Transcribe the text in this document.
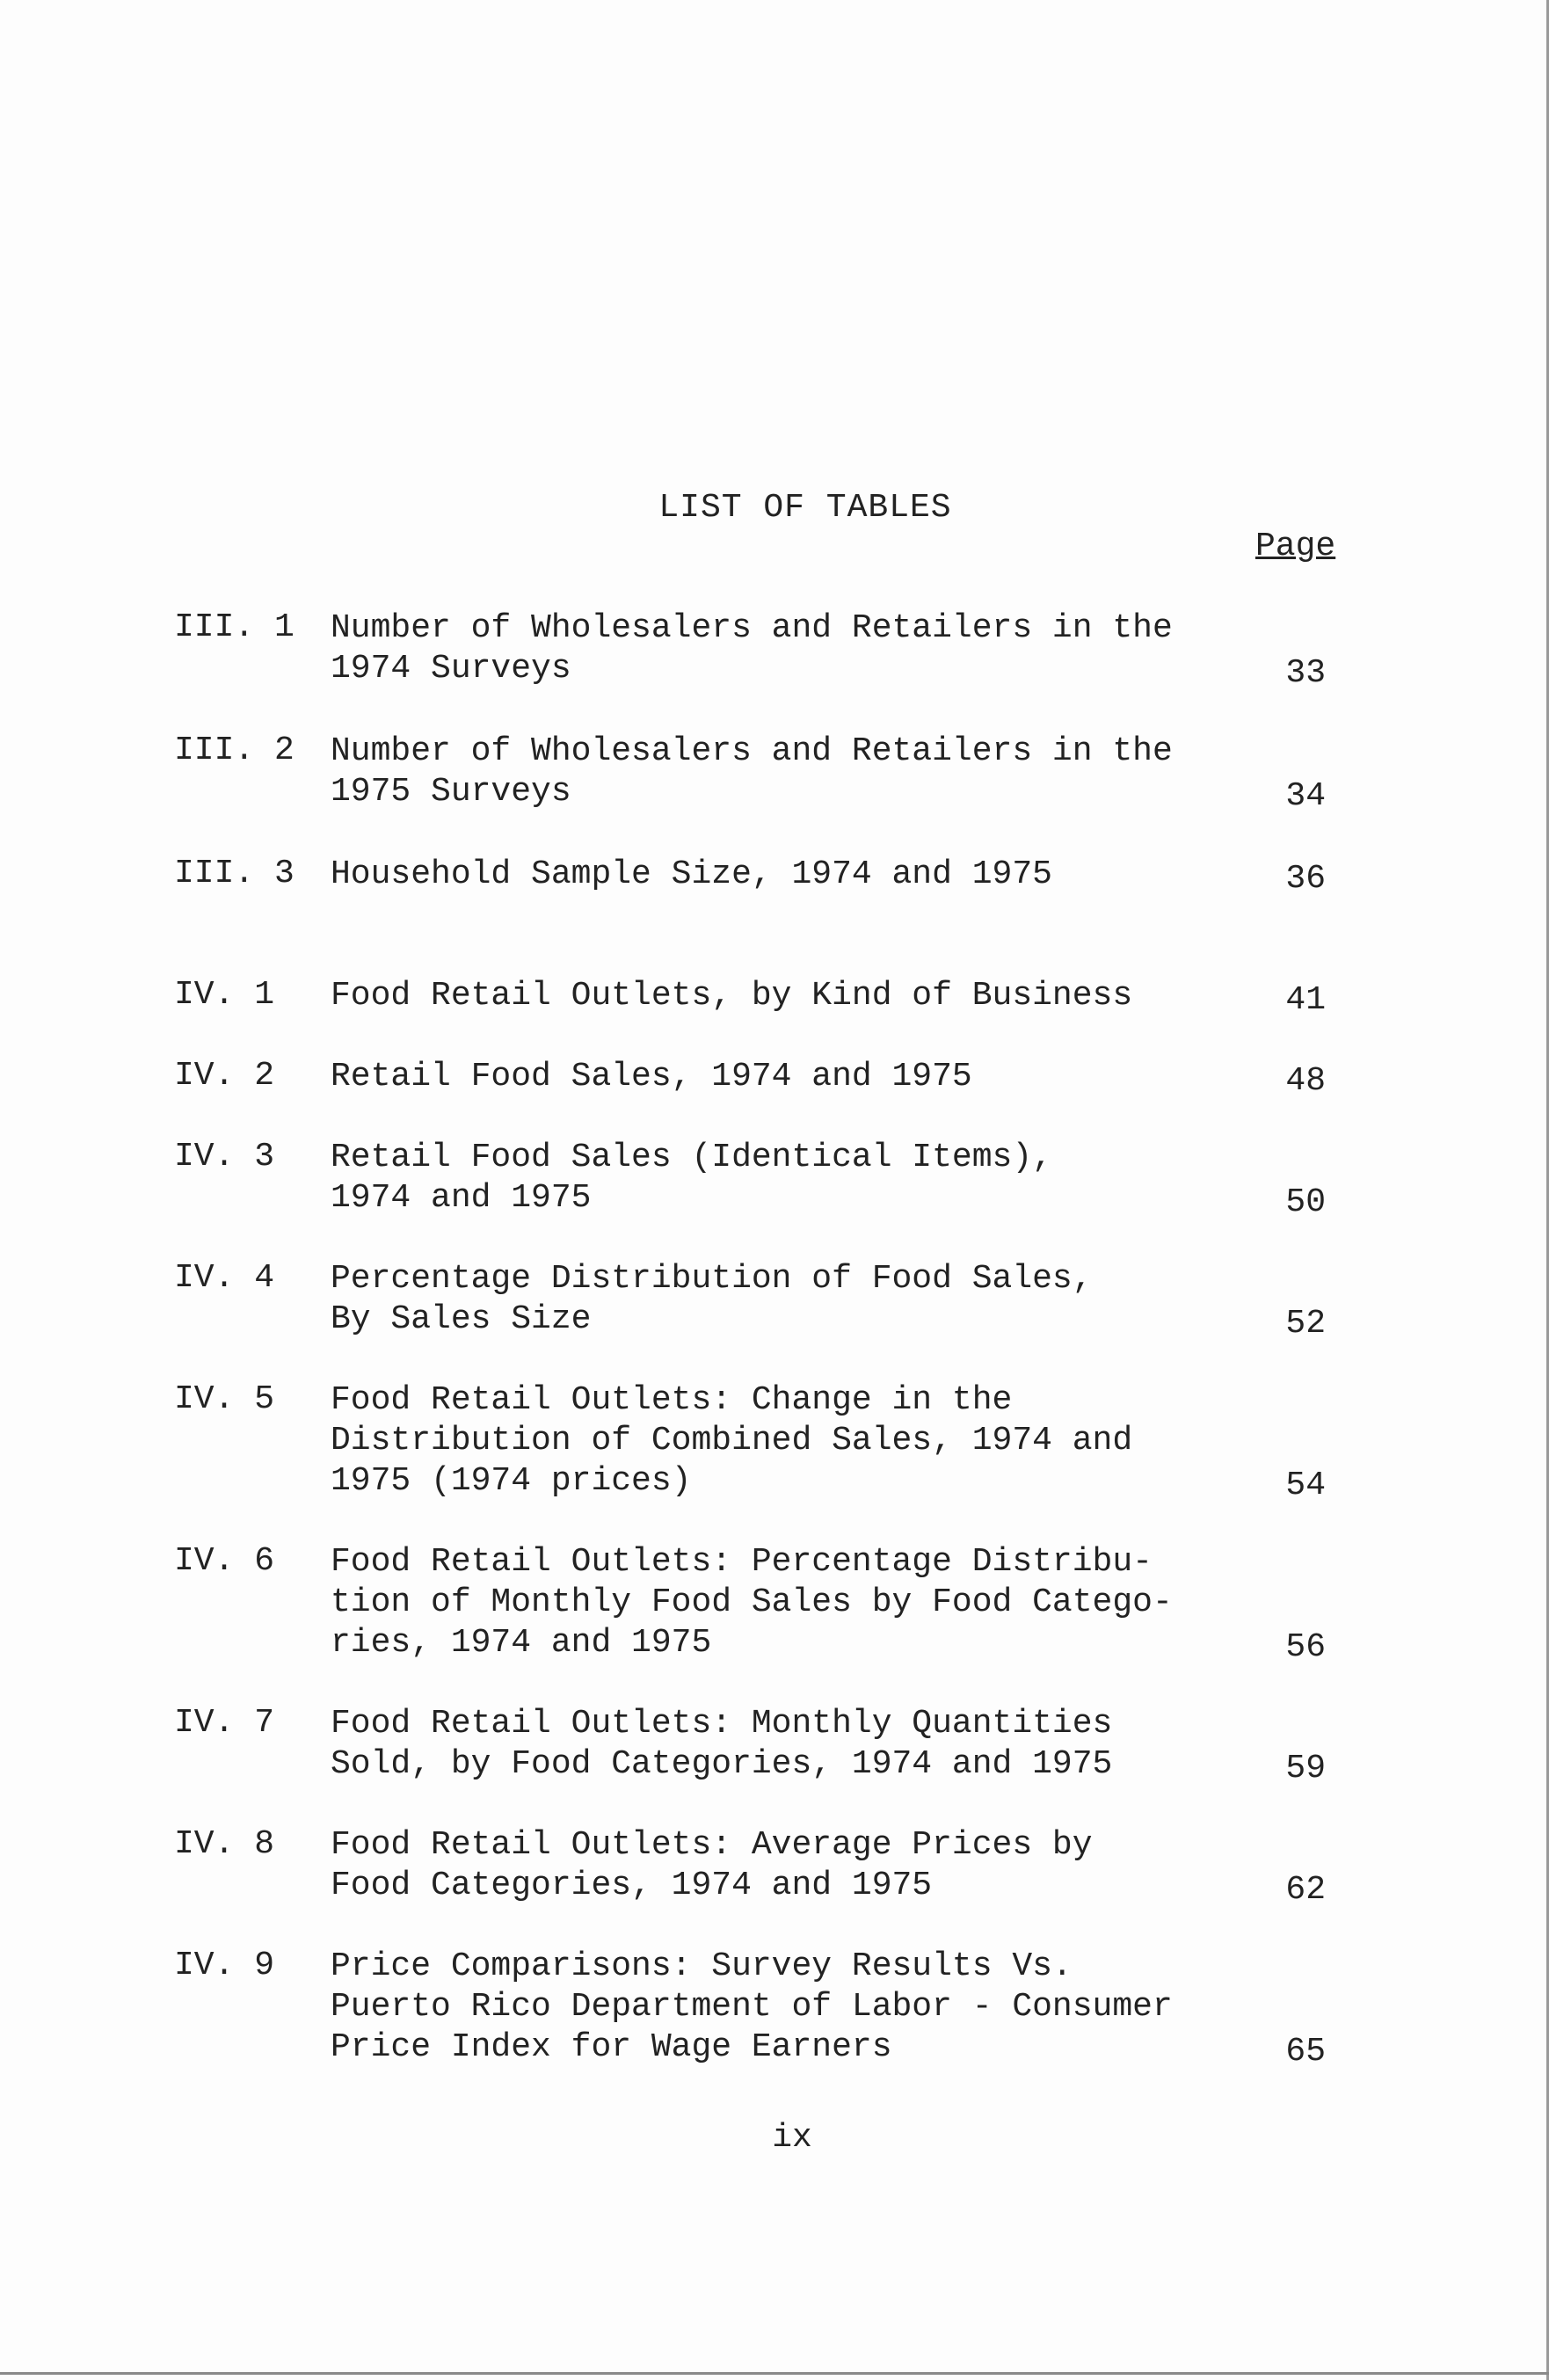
LIST OF TABLES
Page
III. 1 Number of Wholesalers and Retailers in the
1974 Surveys	33
III. 2 Number of Wholesalers and Retailers in the
1975 Surveys	34
III. 3 Household Sample Size, 1974 and 1975	36
IV. 1 Food Retail Outlets, by Kind of Business	41
IV. 2 Retail Food Sales, 1974 and 1975	48
IV. 3 Retail Food Sales (Identical Items),
1974 and 1975	50
IV. 4 Percentage Distribution of Food Sales,
By Sales Size	52
IV. 5 Food Retail Outlets: Change in the
Distribution of Combined Sales, 1974 and
1975 (1974 prices)	54
IV. 6 Food Retail Outlets: Percentage Distribu-
tion of Monthly Food Sales by Food Catego-
ries, 1974 and 1975	56
IV. 7 Food Retail Outlets: Monthly Quantities
Sold, by Food Categories, 1974 and 1975	59
IV. 8 Food Retail Outlets: Average Prices by
Food Categories, 1974 and 1975	62
IV. 9 Price Comparisons: Survey Results Vs.
Puerto Rico Department of Labor - Consumer
Price Index for Wage Earners	65
ix
